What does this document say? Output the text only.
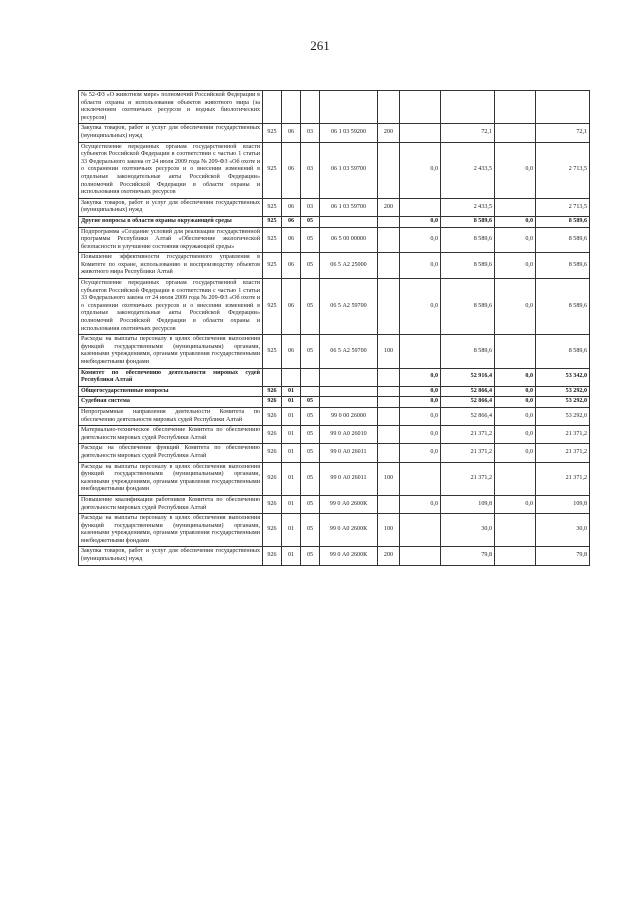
261
№ 52-ФЗ «О животном мире» полномочий Российской Федерации в области охраны и использования объектов животного мира (за исключением охотничьих ресурсов и водных биологических ресурсов)									
Закупка товаров, работ и услуг для обеспечения государственных (муниципальных) нужд	925	06	03	06 1 03 59200	200		72,1		72,1
Осуществление переданных органам государственной власти субъектов Российской Федерации в соответствии с частью 1 статьи 33 Федерального закона от 24 июля 2009 года № 209-ФЗ «Об охоте и о сохранении охотничьих ресурсов и о внесении изменений в отдельные законодательные акты Российской Федерации» полномочий Российской Федерации в области охраны и использования охотничьих ресурсов	925	06	03	06 1 03 59700		0,0	2 433,5	0,0	2 713,5
Закупка товаров, работ и услуг для обеспечения государственных (муниципальных) нужд	925	06	03	06 1 03 59700	200		2 433,5		2 713,5
Другие вопросы в области охраны окружающей среды	925	06	05			0,0	8 589,6	0,0	8 589,6
Подпрограмма «Создание условий для реализации государственной программы Республики Алтай «Обеспечение экологической безопасности и улучшение состояния окружающей среды»	925	06	05	06 5 00 00000		0,0	8 589,6	0,0	8 589,6
Повышение эффективности государственного управления в Комитете по охране, использованию и воспроизводству объектов животного мира Республики Алтай	925	06	05	06 5 А2 25000		0,0	8 589,6	0,0	8 589,6
Осуществление переданных органам государственной власти субъектов Российской Федерации в соответствии с частью 1 статьи 33 Федерального закона от 24 июля 2009 года № 209-ФЗ «Об охоте и о сохранении охотничьих ресурсов и о внесении изменений в отдельные законодательные акты Российской Федерации» полномочий Российской Федерации в области охраны и использования охотничьих ресурсов	925	06	05	06 5 А2 59700		0,0	8 589,6	0,0	8 589,6
Расходы на выплаты персоналу в целях обеспечения выполнения функций государственными (муниципальными) органами, казенными учреждениями, органами управления государственными внебюджетными фондами	925	06	05	06 5 А2 59700	100		8 589,6		8 589,6
Комитет по обеспечению деятельности мировых судей Республики Алтай						0,0	52 916,4	0,0	53 342,0
Общегосударственные вопросы	926	01				0,0	52 866,4	0,0	53 292,0
Судебная система	926	01	05			0,0	52 866,4	0,0	53 292,0
Непрограммные направления деятельности Комитета по обеспечению деятельности мировых судей Республики Алтай	926	01	05	99 0 00 26000		0,0	52 866,4	0,0	53 292,0
Материально-техническое обеспечение Комитета по обеспечению деятельности мировых судей Республики Алтай	926	01	05	99 0 А0 26010		0,0	21 371,2	0,0	21 371,2
Расходы на обеспечение функций Комитета по обеспечению деятельности мировых судей Республики Алтай	926	01	05	99 0 А0 26011		0,0	21 371,2	0,0	21 371,2
Расходы на выплаты персоналу в целях обеспечения выполнения функций государственными (муниципальными) органами, казенными учреждениями, органами управления государственными внебюджетными фондами	926	01	05	99 0 А0 26011	100		21 371,2		21 371,2
Повышение квалификации работников Комитета по обеспечению деятельности мировых судей Республики Алтай	926	01	05	99 0 А0 2600К		0,0	109,8	0,0	109,8
Расходы на выплаты персоналу в целях обеспечения выполнения функций государственными (муниципальными) органами, казенными учреждениями, органами управления государственными внебюджетными фондами	926	01	05	99 0 А0 2600К	100		30,0		30,0
Закупка товаров, работ и услуг для обеспечения государственных (муниципальных) нужд	926	01	05	99 0 А0 2600К	200		79,8		79,8
